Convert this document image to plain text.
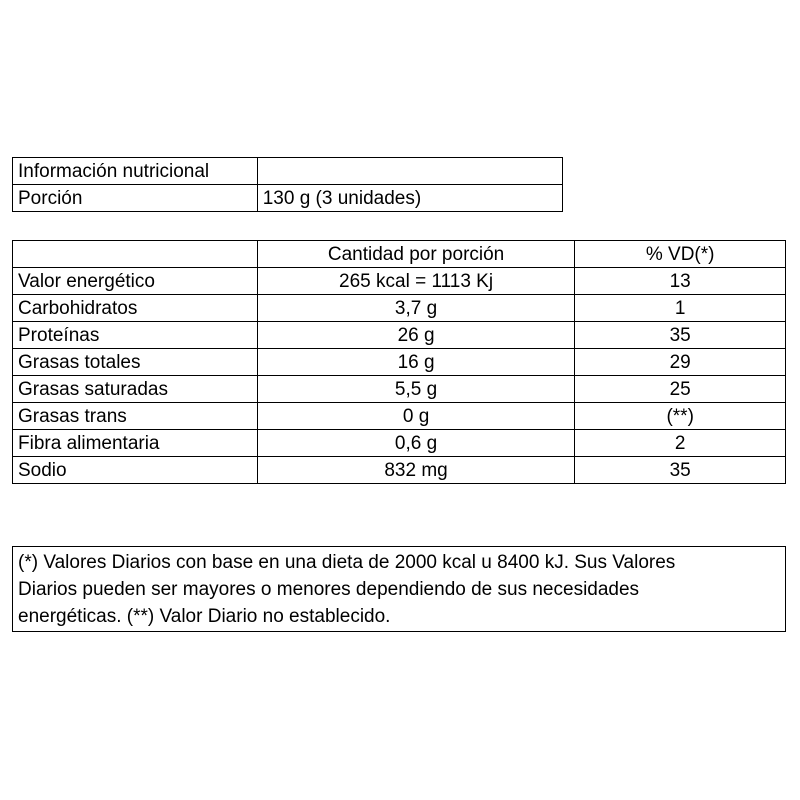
Información nutricional	
Porción	130 g (3 unidades)
	Cantidad por porción	% VD(*)
Valor energético	265 kcal = 1113 Kj	13
Carbohidratos	3,7 g	1
Proteínas	26 g	35
Grasas totales	16 g	29
Grasas saturadas	5,5 g	25
Grasas trans	0 g	(**)
Fibra alimentaria	0,6 g	2
Sodio	832 mg	35
(*) Valores Diarios con base en una dieta de 2000 kcal u 8400 kJ. Sus Valores
Diarios pueden ser mayores o menores dependiendo de sus necesidades
energéticas. (**) Valor Diario no establecido.
